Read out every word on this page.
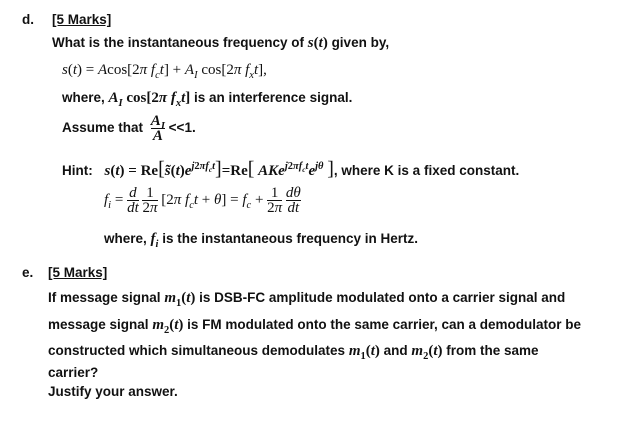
d. [5 Marks]
What is the instantaneous frequency of s(t) given by,
s(t) = Acos[2π $f_ct] + A_I$ cos[2π $f_xt$],
where, $A_I$ cos[2π $f_xt$] is an interference signal.
Assume that $\frac{A_I}{A} <<1$.
Hint: $s(t) = Re[s̃(t)e^{j2\pi f_ct}]=Re$[ $AKe^{j2\pi f_ct}e^{j\theta}$ ], where K is a fixed constant.
$f_i = \frac{d}{dt}$
$\frac{1}{2\pi} [2\pi$ $f_ct + \theta] = f_c + \frac{1}{2\pi}$
$\frac{d\theta}{dt}$
where, $f_i$ is the instantaneous frequency in Hertz.
e. [5 Marks]
If message signal $m_1(t)$ is DSB-FC amplitude modulated onto a carrier signal and
message signal $m_2(t)$ is FM modulated onto the same carrier, can a demodulator be
constructed which simultaneous demodulates $m_1(t)$ and $m_2(t)$ from the same
carrier?
Justify your answer.
